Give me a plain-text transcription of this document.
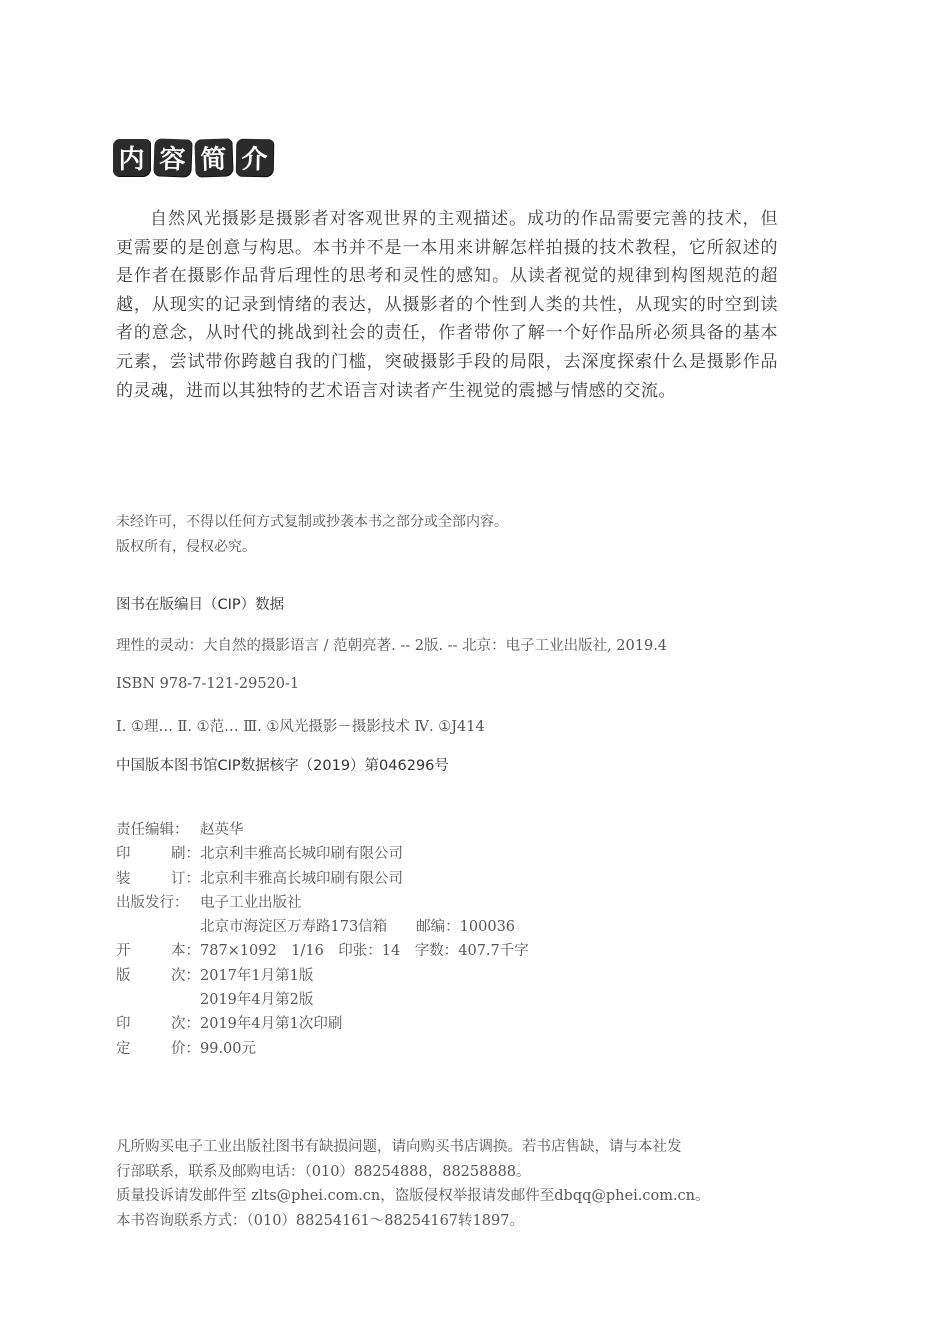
内 容 简 介

自然风光摄影是摄影者对客观世界的主观描述。成功的作品需要完善的技术，但更需要的是创意与构思。本书并不是一本用来讲解怎样拍摄的技术教程，它所叙述的是作者在摄影作品背后理性的思考和灵性的感知。从读者视觉的规律到构图规范的超越，从现实的记录到情绪的表达，从摄影者的个性到人类的共性，从现实的时空到读者的意念，从时代的挑战到社会的责任，作者带你了解一个好作品所必须具备的基本元素，尝试带你跨越自我的门槛，突破摄影手段的局限，去深度探索什么是摄影作品的灵魂，进而以其独特的艺术语言对读者产生视觉的震撼与情感的交流。

未经许可，不得以任何方式复制或抄袭本书之部分或全部内容。
版权所有，侵权必究。
图书在版编目（CIP）数据
理性的灵动：大自然的摄影语言 / 范朝亮著. -- 2版. -- 北京：电子工业出版社, 2019.4
ISBN 978-7-121-29520-1
Ⅰ. ①理… Ⅱ. ①范… Ⅲ. ①风光摄影－摄影技术 Ⅳ. ①J414
中国版本图书馆CIP数据核字（2019）第046296号
责任编辑： 赵英华
印	刷： 北京利丰雅高长城印刷有限公司
装	订： 北京利丰雅高长城印刷有限公司
出版发行： 电子工业出版社
北京市海淀区万寿路173信箱　　邮编：100036
开	本： 787×1092　1/16　印张：14　字数：407.7千字
版	次： 2017年1月第1版
2019年4月第2版
印	次： 2019年4月第1次印刷
定	价： 99.00元
凡所购买电子工业出版社图书有缺损问题，请向购买书店调换。若书店售缺，请与本社发
行部联系，联系及邮购电话：（010）88254888，88258888。
质量投诉请发邮件至 zlts@phei.com.cn，盗版侵权举报请发邮件至dbqq@phei.com.cn。
本书咨询联系方式：（010）88254161～88254167转1897。
